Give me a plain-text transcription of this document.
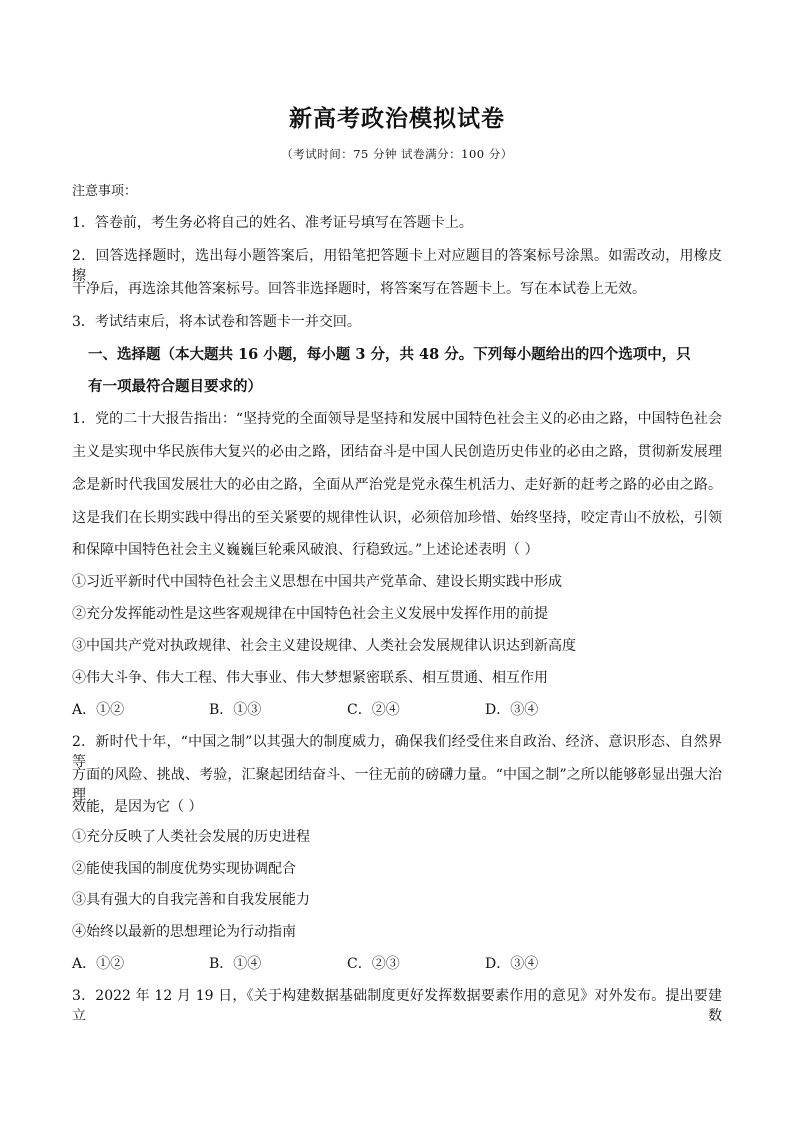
新高考政治模拟试卷
（考试时间：75 分钟 试卷满分：100 分）
注意事项：
1．答卷前，考生务必将自己的姓名、准考证号填写在答题卡上。
2．回答选择题时，选出每小题答案后，用铅笔把答题卡上对应题目的答案标号涂黑。如需改动，用橡皮擦
干净后，再选涂其他答案标号。回答非选择题时，将答案写在答题卡上。写在本试卷上无效。
3．考试结束后，将本试卷和答题卡一并交回。
一、选择题（本大题共 16 小题，每小题 3 分，共 48 分。下列每小题给出的四个选项中，只
有一项最符合题目要求的）
1．党的二十大报告指出：“坚持党的全面领导是坚持和发展中国特色社会主义的必由之路，中国特色社会
主义是实现中华民族伟大复兴的必由之路，团结奋斗是中国人民创造历史伟业的必由之路，贯彻新发展理
念是新时代我国发展壮大的必由之路，全面从严治党是党永葆生机活力、走好新的赶考之路的必由之路。
这是我们在长期实践中得出的至关紧要的规律性认识，必须倍加珍惜、始终坚持，咬定青山不放松，引领
和保障中国特色社会主义巍巍巨轮乘风破浪、行稳致远。”上述论述表明（ ）
①习近平新时代中国特色社会主义思想在中国共产党革命、建设长期实践中形成
②充分发挥能动性是这些客观规律在中国特色社会主义发展中发挥作用的前提
③中国共产党对执政规律、社会主义建设规律、人类社会发展规律认识达到新高度
④伟大斗争、伟大工程、伟大事业、伟大梦想紧密联系、相互贯通、相互作用
A．①②	B．①③	C．②④	D．③④
2．新时代十年，“中国之制”以其强大的制度威力，确保我们经受住来自政治、经济、意识形态、自然界等
方面的风险、挑战、考验，汇聚起团结奋斗、一往无前的磅礴力量。“中国之制”之所以能够彰显出强大治理
效能，是因为它（ ）
①充分反映了人类社会发展的历史进程
②能使我国的制度优势实现协调配合
③具有强大的自我完善和自我发展能力
④始终以最新的思想理论为行动指南
A．①②	B．①④	C．②③	D．③④
3．2022 年 12 月 19 日，《关于构建数据基础制度更好发挥数据要素作用的意见》对外发布。提出要建立数
